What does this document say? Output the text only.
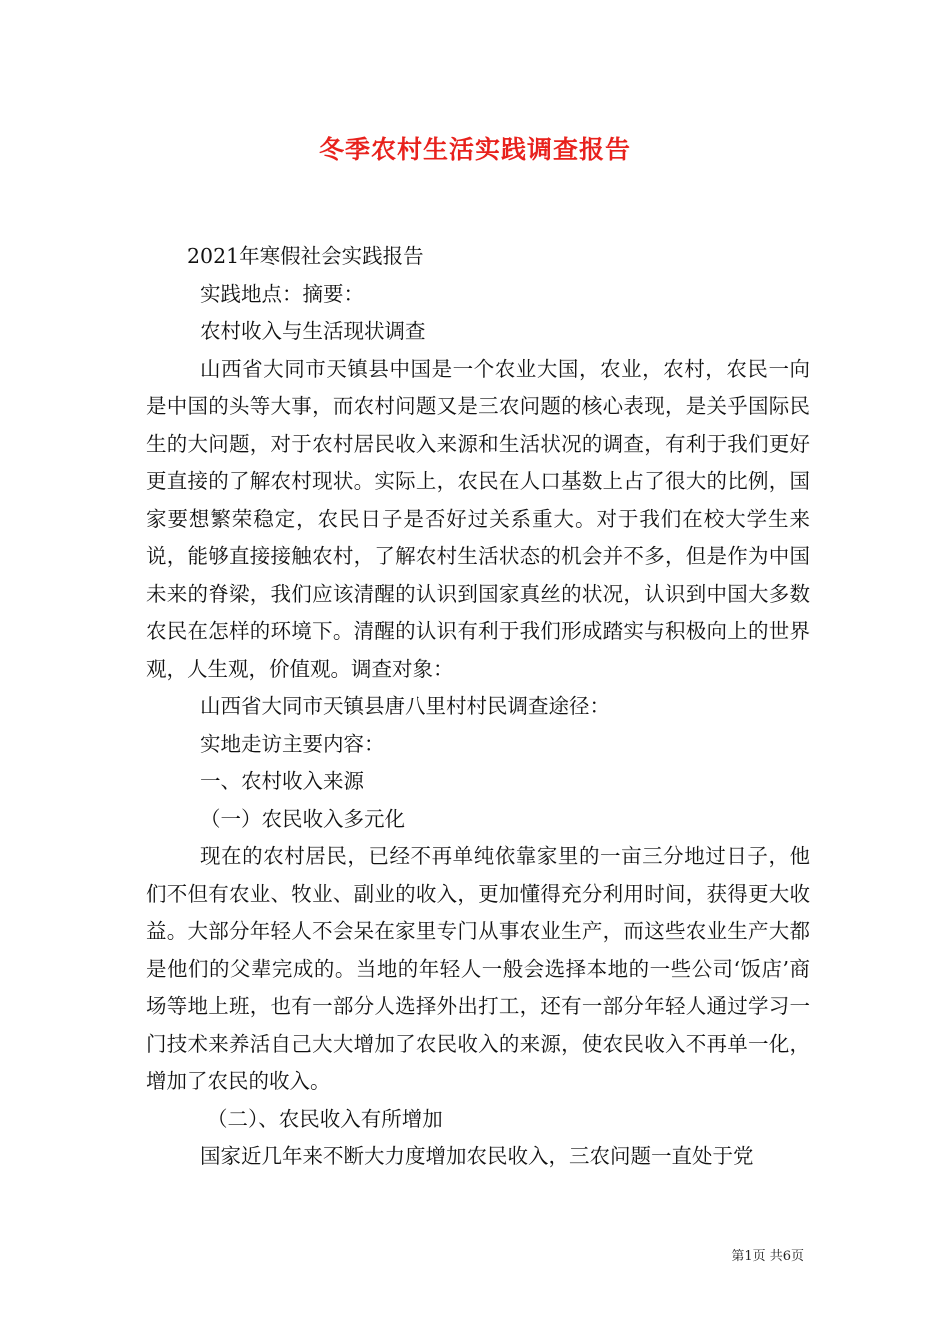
冬季农村生活实践调查报告

2021年寒假社会实践报告

实践地点：摘要：

农村收入与生活现状调查

山西省大同市天镇县中国是一个农业大国，农业，农村，农民一向是中国的头等大事，而农村问题又是三农问题的核心表现，是关乎国际民生的大问题，对于农村居民收入来源和生活状况的调查，有利于我们更好更直接的了解农村现状。实际上，农民在人口基数上占了很大的比例，国家要想繁荣稳定，农民日子是否好过关系重大。对于我们在校大学生来说，能够直接接触农村，了解农村生活状态的机会并不多，但是作为中国未来的脊梁，我们应该清醒的认识到国家真丝的状况，认识到中国大多数农民在怎样的环境下。清醒的认识有利于我们形成踏实与积极向上的世界观，人生观，价值观。调查对象：

山西省大同市天镇县唐八里村村民调查途径：

实地走访主要内容：

一、农村收入来源

（一）农民收入多元化

现在的农村居民，已经不再单纯依靠家里的一亩三分地过日子，他们不但有农业、牧业、副业的收入，更加懂得充分利用时间，获得更大收益。大部分年轻人不会呆在家里专门从事农业生产，而这些农业生产大都是他们的父辈完成的。当地的年轻人一般会选择本地的一些公司‘饭店’商场等地上班，也有一部分人选择外出打工，还有一部分年轻人通过学习一门技术来养活自己大大增加了农民收入的来源，使农民收入不再单一化，增加了农民的收入。

（二）、农民收入有所增加

国家近几年来不断大力度增加农民收入，三农问题一直处于党

第1页 共6页
